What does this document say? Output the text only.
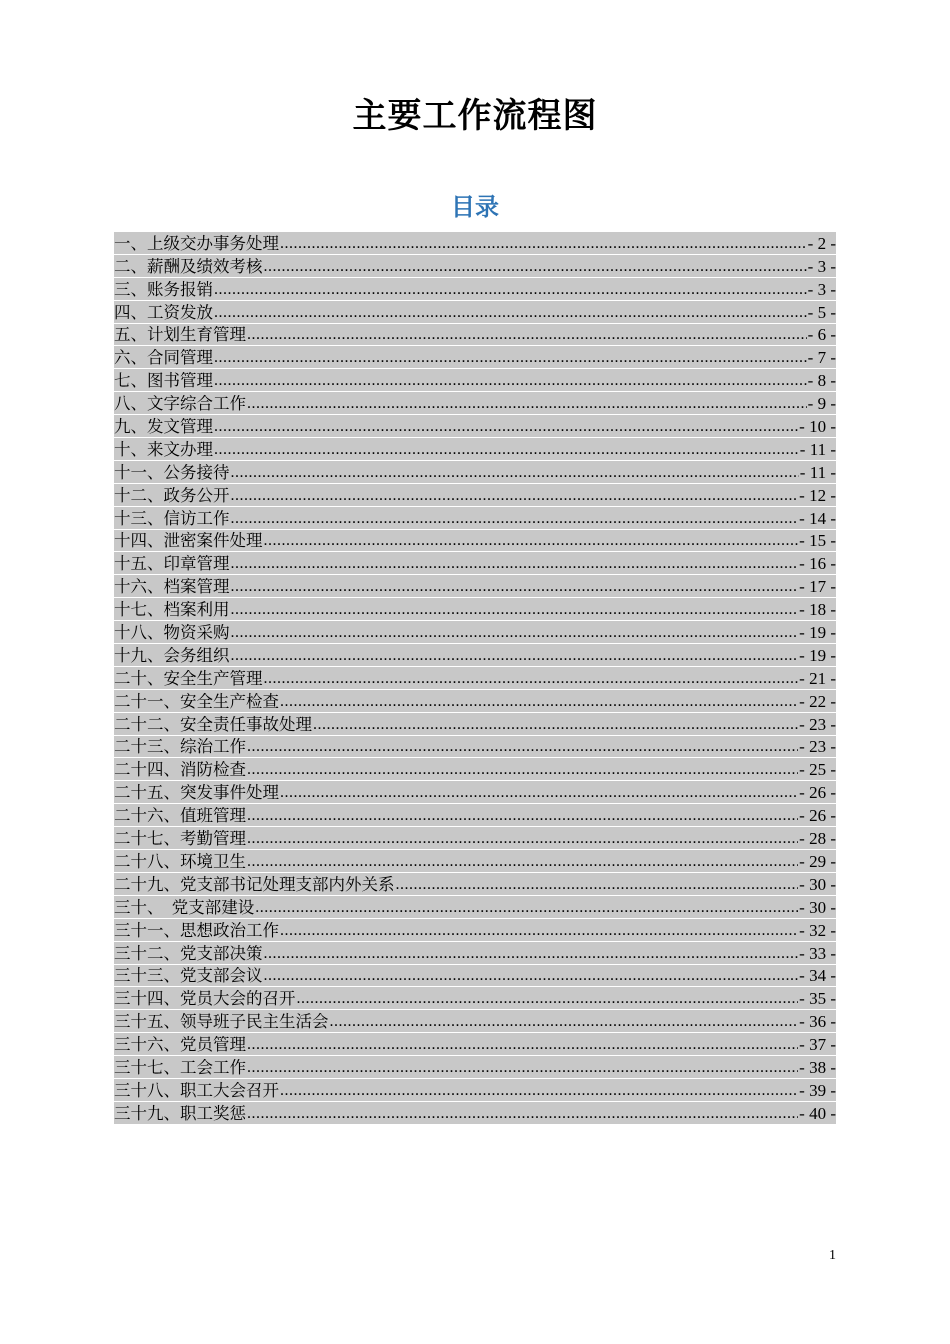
主要工作流程图
目录
一、上级交办事务处理 .....	- 2 -
二、薪酬及绩效考核 .....	- 3 -
三、账务报销 .....	- 3 -
四、工资发放 .....	- 5 -
五、计划生育管理 .....	- 6 -
六、合同管理 .....	- 7 -
七、图书管理 .....	- 8 -
八、文字综合工作 .....	- 9 -
九、发文管理 .....	- 10 -
十、来文办理 .....	- 11 -
十一、公务接待 .....	- 11 -
十二、政务公开 .....	- 12 -
十三、信访工作 .....	- 14 -
十四、泄密案件处理 .....	- 15 -
十五、印章管理 .....	- 16 -
十六、档案管理 .....	- 17 -
十七、档案利用 .....	- 18 -
十八、物资采购 .....	- 19 -
十九、会务组织 .....	- 19 -
二十、安全生产管理 .....	- 21 -
二十一、安全生产检查 .....	- 22 -
二十二、安全责任事故处理 .....	- 23 -
二十三、综治工作 .....	- 23 -
二十四、消防检查 .....	- 25 -
二十五、突发事件处理 .....	- 26 -
二十六、值班管理 .....	- 26 -
二十七、考勤管理 .....	- 28 -
二十八、环境卫生 .....	- 29 -
二十九、党支部书记处理支部内外关系 .....	- 30 -
三十、　党支部建设 .....	- 30 -
三十一、思想政治工作 .....	- 32 -
三十二、党支部决策 .....	- 33 -
三十三、党支部会议 .....	- 34 -
三十四、党员大会的召开 .....	- 35 -
三十五、领导班子民主生活会 .....	- 36 -
三十六、党员管理 .....	- 37 -
三十七、工会工作 .....	- 38 -
三十八、职工大会召开 .....	- 39 -
三十九、职工奖惩 .....	- 40 -
1
